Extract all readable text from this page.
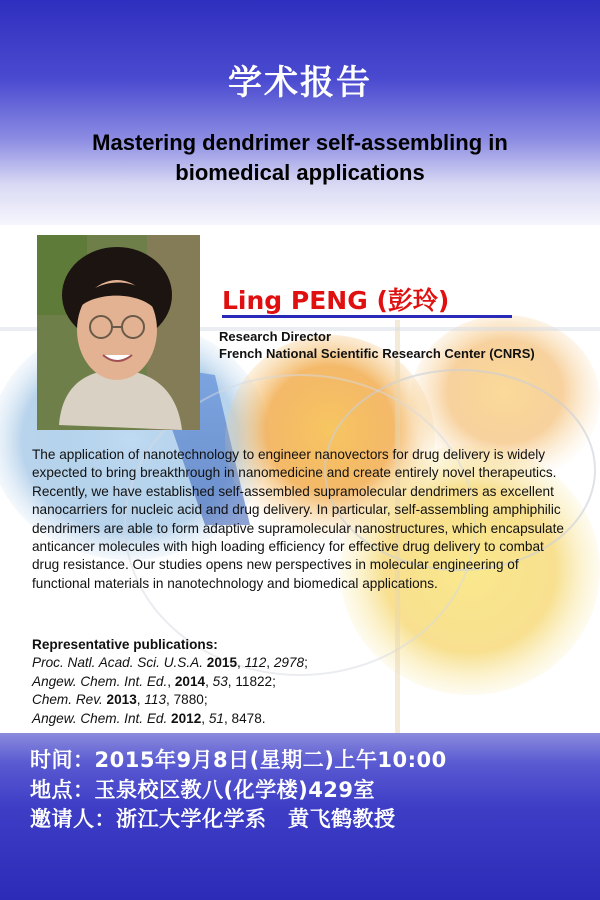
学术报告
Mastering dendrimer self-assembling in
biomedical applications
Ling PENG (彭玲)
Research Director
French National Scientific Research Center (CNRS)
The application of nanotechnology to engineer nanovectors for drug delivery is widely expected to bring breakthrough in nanomedicine and create entirely novel therapeutics. Recently, we have established self-assembled supramolecular dendrimers as excellent nanocarriers for nucleic acid and drug delivery. In particular, self-assembling amphiphilic dendrimers are able to form adaptive supramolecular nanostructures, which encapsulate anticancer molecules with high loading efficiency for effective drug delivery to combat drug resistance. Our studies opens new perspectives in molecular engineering of functional materials in nanotechnology and biomedical applications.
Representative publications:
Proc. Natl. Acad. Sci. U.S.A. 2015, 112, 2978;
Angew. Chem. Int. Ed., 2014, 53, 11822;
Chem. Rev. 2013, 113, 7880;
Angew. Chem. Int. Ed. 2012, 51, 8478.
时间：2015年9月8日(星期二)上午10:00
地点：玉泉校区教八(化学楼)429室
邀请人：浙江大学化学系　黄飞鹤教授
